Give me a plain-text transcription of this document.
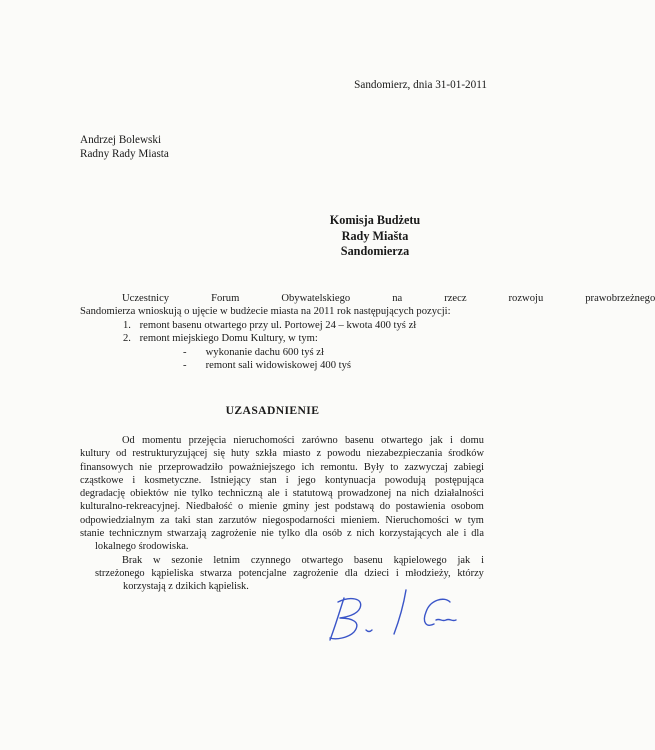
Sandomierz, dnia 31-01-2011
Andrzej Bolewski
Radny Rady Miasta
Komisja Budżetu
Rady Miašta
Sandomierza
Uczestnicy	Forum	Obywatelskiego	na	rzecz	rozwoju	prawobrzeżnego
Sandomierza wnioskują o ujęcie w budżecie miasta na 2011 rok następujących pozycji:
1. remont basenu otwartego przy ul. Portowej 24 – kwota 400 tyś zł
2. remont miejskiego Domu Kultury, w tym:
- wykonanie dachu 600 tyś zł
- remont sali widowiskowej 400 tyś
UZASADNIENIE
Od momentu przejęcia nieruchomości zarówno basenu otwartego jak i domu
kultury od restrukturyzującej się huty szkła miasto z powodu niezabezpieczania środków
finansowych nie przeprowadziło poważniejszego ich remontu. Były to zazwyczaj zabiegi
cząstkowe i kosmetyczne. Istniejący stan i jego kontynuacja powodują postępująca
degradację obiektów nie tylko techniczną ale i statutową prowadzonej na nich działalności
kulturalno-rekreacyjnej. Niedbałość o mienie gminy jest podstawą do postawienia osobom
odpowiedzialnym za taki stan zarzutów niegospodarności mieniem. Nieruchomości w tym
stanie technicznym stwarzają zagrożenie nie tylko dla osób z nich korzystających ale i dla
lokalnego środowiska.
Brak w sezonie letnim czynnego otwartego basenu kąpielowego jak i
strzeżonego kąpieliska stwarza potencjalne zagrożenie dla dzieci i młodzieży, którzy
korzystają z dzikich kąpielisk.
